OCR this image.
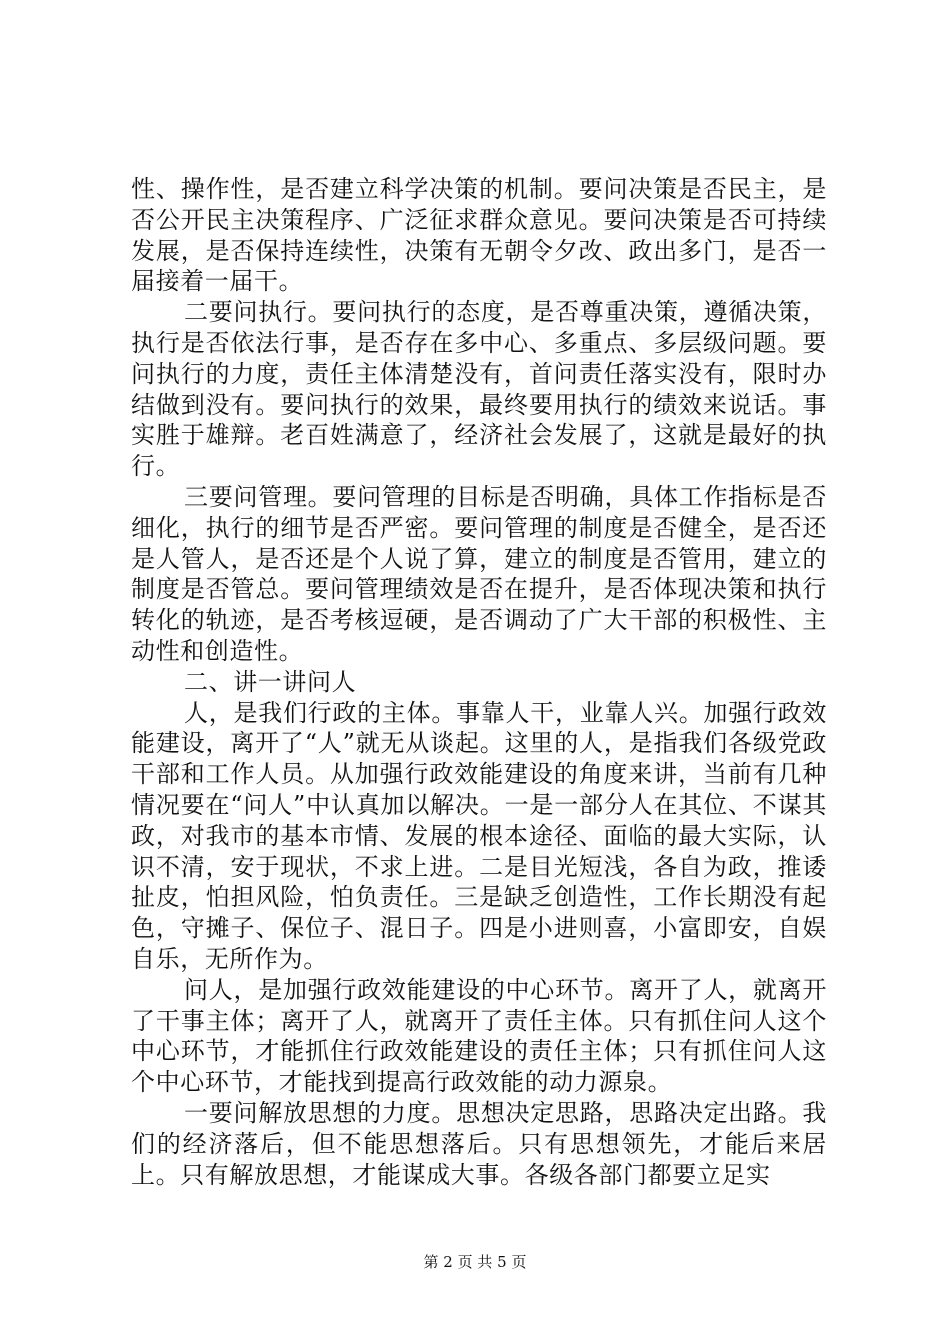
性、操作性，是否建立科学决策的机制。要问决策是否民主，是否公开民主决策程序、广泛征求群众意见。要问决策是否可持续发展，是否保持连续性，决策有无朝令夕改、政出多门，是否一届接着一届干。

二要问执行。要问执行的态度，是否尊重决策，遵循决策，执行是否依法行事，是否存在多中心、多重点、多层级问题。要问执行的力度，责任主体清楚没有，首问责任落实没有，限时办结做到没有。要问执行的效果，最终要用执行的绩效来说话。事实胜于雄辩。老百姓满意了，经济社会发展了，这就是最好的执行。

三要问管理。要问管理的目标是否明确，具体工作指标是否细化，执行的细节是否严密。要问管理的制度是否健全，是否还是人管人，是否还是个人说了算，建立的制度是否管用，建立的制度是否管总。要问管理绩效是否在提升，是否体现决策和执行转化的轨迹，是否考核逗硬，是否调动了广大干部的积极性、主动性和创造性。

二、讲一讲问人

人，是我们行政的主体。事靠人干，业靠人兴。加强行政效能建设，离开了“人”就无从谈起。这里的人，是指我们各级党政干部和工作人员。从加强行政效能建设的角度来讲，当前有几种情况要在“问人”中认真加以解决。一是一部分人在其位、不谋其政，对我市的基本市情、发展的根本途径、面临的最大实际，认识不清，安于现状，不求上进。二是目光短浅，各自为政，推诿扯皮，怕担风险，怕负责任。三是缺乏创造性，工作长期没有起色，守摊子、保位子、混日子。四是小进则喜，小富即安，自娱自乐，无所作为。

问人，是加强行政效能建设的中心环节。离开了人，就离开了干事主体；离开了人，就离开了责任主体。只有抓住问人这个中心环节，才能抓住行政效能建设的责任主体；只有抓住问人这个中心环节，才能找到提高行政效能的动力源泉。

一要问解放思想的力度。思想决定思路，思路决定出路。我们的经济落后，但不能思想落后。只有思想领先，才能后来居上。只有解放思想，才能谋成大事。各级各部门都要立足实

第 2 页 共 5 页
